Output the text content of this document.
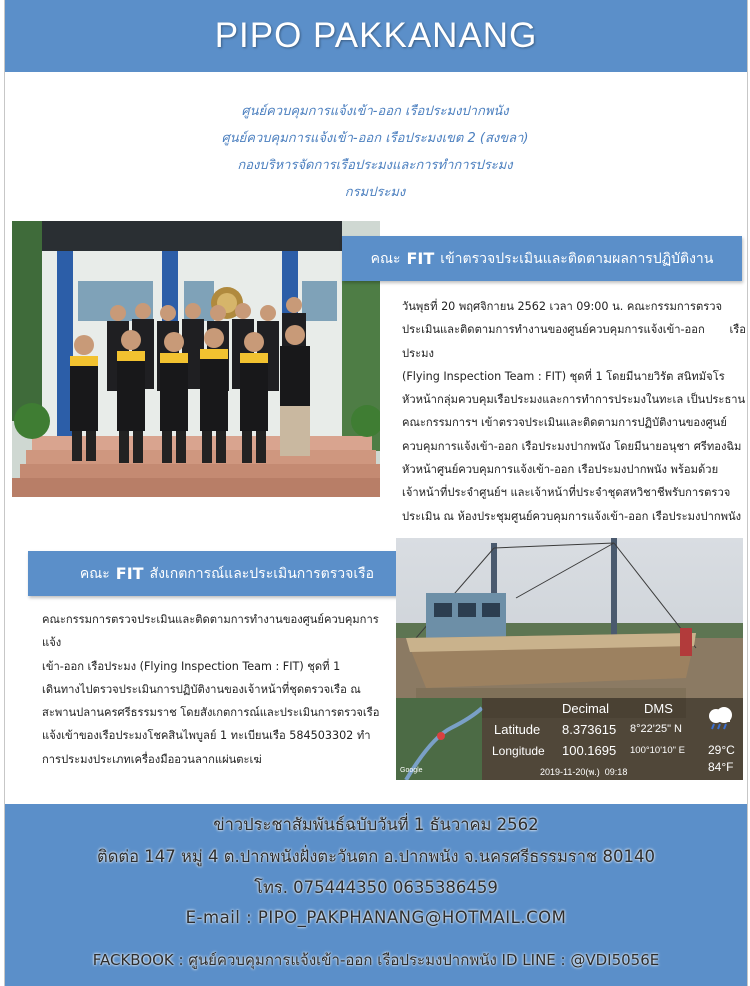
PIPO PAKKANANG
ศูนย์ควบคุมการแจ้งเข้า-ออก เรือประมงปากพนัง
ศูนย์ควบคุมการแจ้งเข้า-ออก เรือประมงเขต 2 (สงขลา)
กองบริหารจัดการเรือประมงและการทำการประมง
กรมประมง
คณะ FIT เข้าตรวจประเมินและติดตามผลการปฏิบัติงาน
วันพุธที่ 20 พฤศจิกายน 2562 เวลา 09:00 น. คณะกรรมการตรวจ
ประเมินและติดตามการทำงานของศูนย์ควบคุมการแจ้งเข้า-ออก เรือประมง
(Flying Inspection Team : FIT) ชุดที่ 1 โดยมีนายวิรัต สนิทมัจโร
หัวหน้ากลุ่มควบคุมเรือประมงและการทำการประมงในทะเล เป็นประธาน
คณะกรรมการฯ เข้าตรวจประเมินและติดตามการปฏิบัติงานของศูนย์
ควบคุมการแจ้งเข้า-ออก เรือประมงปากพนัง โดยมีนายอนุชา ศรีทองฉิม
หัวหน้าศูนย์ควบคุมการแจ้งเข้า-ออก เรือประมงปากพนัง พร้อมด้วย
เจ้าหน้าที่ประจำศูนย์ฯ และเจ้าหน้าที่ประจำชุดสหวิชาชีพรับการตรวจ
ประเมิน ณ ห้องประชุมศูนย์ควบคุมการแจ้งเข้า-ออก เรือประมงปากพนัง
คณะ FIT สังเกตการณ์และประเมินการตรวจเรือ
คณะกรรมการตรวจประเมินและติดตามการทำงานของศูนย์ควบคุมการแจ้ง
เข้า-ออก เรือประมง (Flying Inspection Team : FIT) ชุดที่ 1
เดินทางไปตรวจประเมินการปฏิบัติงานของเจ้าหน้าที่ชุดตรวจเรือ ณ
สะพานปลานครศรีธรรมราช โดยสังเกตการณ์และประเมินการตรวจเรือ
แจ้งเข้าของเรือประมงโชคสินไพบูลย์ 1 ทะเบียนเรือ 584503302 ทำ
การประมงประเภทเครื่องมืออวนลากแผ่นตะเฆ่
Google
Decimal	DMS
Latitude 8.373615 8°22'25" N
Longitude 100.1695 100°10'10" E 29°C
84°F
2019-11-20(พ.)  09:18
ข่าวประชาสัมพันธ์ฉบับวันที่ 1 ธันวาคม 2562
ติดต่อ 147 หมู่ 4 ต.ปากพนังฝั่งตะวันตก อ.ปากพนัง จ.นครศรีธรรมราช 80140
โทร. 075444350 0635386459
E-mail : PIPO_PAKPHANANG@HOTMAIL.COM
FACKBOOK : ศูนย์ควบคุมการแจ้งเข้า-ออก เรือประมงปากพนัง ID LINE : @VDI5056E
